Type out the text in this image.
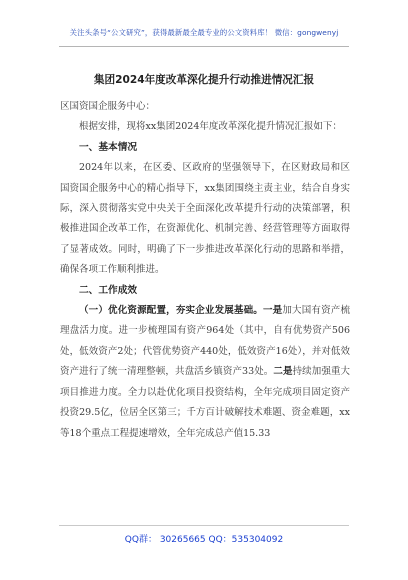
关注头条号“公文研究”，获得最新最全最专业的公文资料库！ 微信：gongwenyj
集团2024年度改革深化提升行动推进情况汇报
区国资国企服务中心：
根据安排，现将xx集团2024年度改革深化提升情况汇报如下：
一、基本情况
2024年以来，在区委、区政府的坚强领导下，在区财政局和区国资国企服务中心的精心指导下，xx集团围绕主责主业，结合自身实际，深入贯彻落实党中央关于全面深化改革提升行动的决策部署，积极推进国企改革工作，在资源优化、机制完善、经营管理等方面取得了显著成效。同时，明确了下一步推进改革深化行动的思路和举措，确保各项工作顺利推进。
二、工作成效
（一）优化资源配置，夯实企业发展基础。一是加大国有资产梳理盘活力度。进一步梳理国有资产964处（其中，自有优势资产506处，低效资产2处；代管优势资产440处，低效资产16处），并对低效资产进行了统一清理整顿，共盘活乡镇资产33处。二是持续加强重大项目推进力度。全力以赴优化项目投资结构，全年完成项目固定资产投资29.5亿，位居全区第三；千方百计破解技术难题、资金难题，xx等18个重点工程提速增效，全年完成总产值15.33
QQ群： 30265665 QQ：535304092
